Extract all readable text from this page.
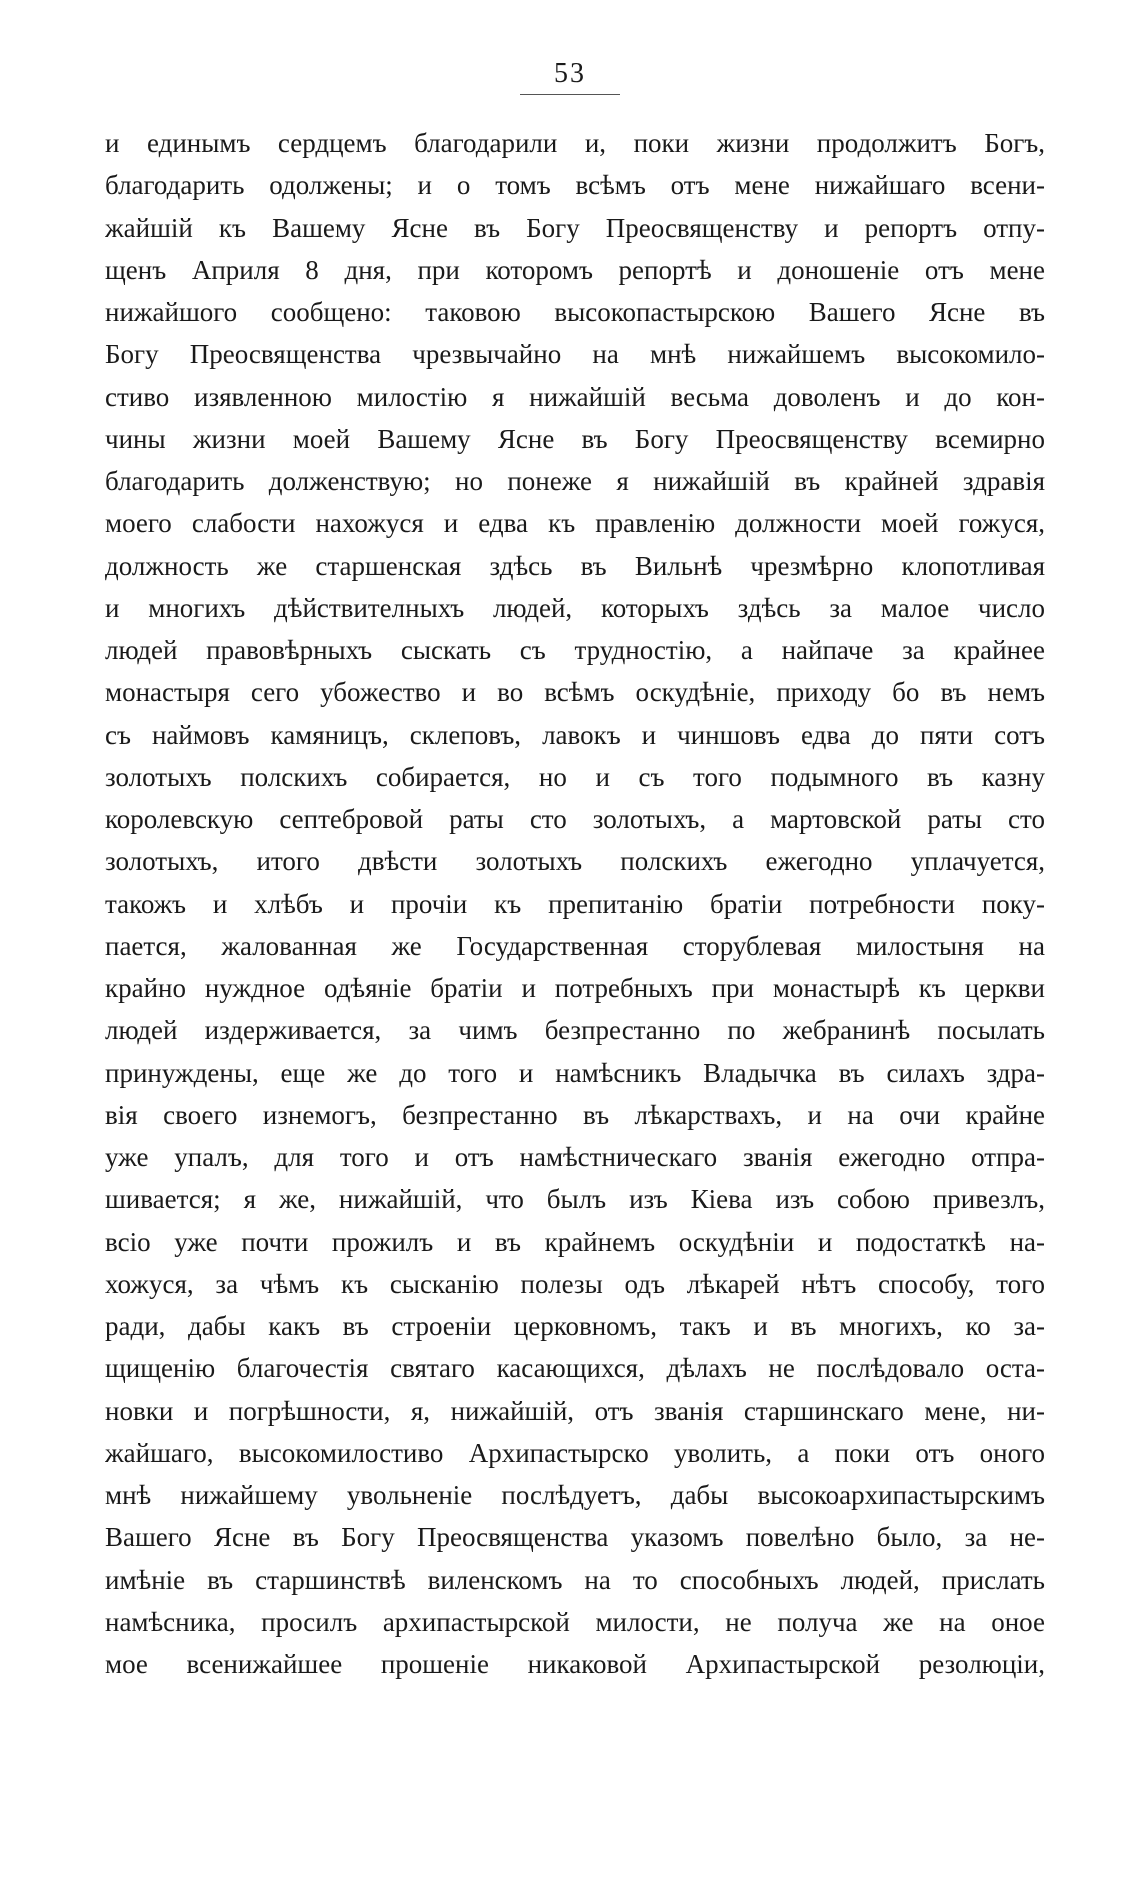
53
и единымъ сердцемъ благодарили и, поки жизни продолжитъ Богъ,
благодарить одолжены; и о томъ всѣмъ отъ мене нижайшаго всени-
жайшій къ Вашему Ясне въ Богу Преосвященству и репортъ отпу-
щенъ Априля 8 дня, при которомъ репортѣ и доношеніе отъ мене
нижайшого сообщено: таковою высокопастырскою Вашего Ясне въ
Богу Преосвященства чрезвычайно на мнѣ нижайшемъ высокомило-
стиво изявленною милостію я нижайшій весьма доволенъ и до кон-
чины жизни моей Вашему Ясне въ Богу Преосвященству всемирно
благодарить долженствую; но понеже я нижайшій въ крайней здравія
моего слабости нахожуся и едва къ правленію должности моей гожуся,
должность же старшенская здѣсь въ Вильнѣ чрезмѣрно клопотливая
и многихъ дѣйствителныхъ людей, которыхъ здѣсь за малое число
людей правовѣрныхъ сыскать съ трудностію, а найпаче за крайнее
монастыря сего убожество и во всѣмъ оскудѣніе, приходу бо въ немъ
съ наймовъ камяницъ, склеповъ, лавокъ и чиншовъ едва до пяти сотъ
золотыхъ полскихъ собирается, но и съ того подымного въ казну
королевскую септебровой раты сто золотыхъ, а мартовской раты сто
золотыхъ, итого двѣсти золотыхъ полскихъ ежегодно уплачуется,
такожъ и хлѣбъ и прочіи къ препитанію братіи потребности поку-
пается, жалованная же Государственная сторублевая милостыня на
крайно нуждное одѣяніе братіи и потребныхъ при монастырѣ къ церкви
людей издерживается, за чимъ безпрестанно по жебранинѣ посылать
принуждены, еще же до того и намѣсникъ Владычка въ силахъ здра-
вія своего изнемогъ, безпрестанно въ лѣкарствахъ, и на очи крайне
уже упалъ, для того и отъ намѣстническаго званія ежегодно отпра-
шивается; я же, нижайшій, что былъ изъ Кіева изъ собою привезлъ,
всіо уже почти прожилъ и въ крайнемъ оскудѣніи и подостаткѣ на-
хожуся, за чѣмъ къ сысканію полезы одъ лѣкарей нѣтъ способу, того
ради, дабы какъ въ строеніи церковномъ, такъ и въ многихъ, ко за-
щищенію благочестія святаго касающихся, дѣлахъ не послѣдовало оста-
новки и погрѣшности, я, нижайшій, отъ званія старшинскаго мене, ни-
жайшаго, высокомилостиво Архипастырско уволить, а поки отъ оного
мнѣ нижайшему увольненіе послѣдуетъ, дабы высокоархипастырскимъ
Вашего Ясне въ Богу Преосвященства указомъ повелѣно было, за не-
имѣніе въ старшинствѣ виленскомъ на то способныхъ людей, прислать
намѣсника, просилъ архипастырской милости, не получа же на оное
мое всенижайшее прошеніе никаковой Архипастырской резолюціи,
